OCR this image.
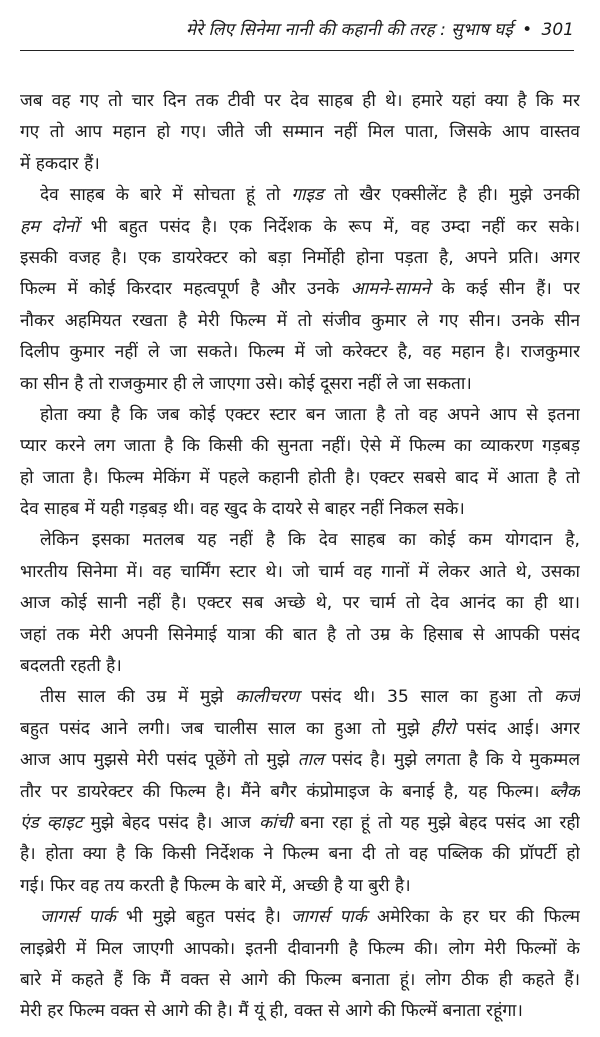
मेरे लिए सिनेमा नानी की कहानी की तरह : सुभाष घई • 301
जब वह गए तो चार दिन तक टीवी पर देव साहब ही थे। हमारे यहां क्या है कि मर
गए तो आप महान हो गए। जीते जी सम्मान नहीं मिल पाता, जिसके आप वास्तव
में हकदार हैं।
देव साहब के बारे में सोचता हूं तो गाइड तो खैर एक्सीलेंट है ही। मुझे उनकी
हम दोनों भी बहुत पसंद है। एक निर्देशक के रूप में, वह उम्दा नहीं कर सके।
इसकी वजह है। एक डायरेक्टर को बड़ा निर्मोही होना पड़ता है, अपने प्रति। अगर
फिल्म में कोई किरदार महत्वपूर्ण है और उनके आमने-सामने के कई सीन हैं। पर
नौकर अहमियत रखता है मेरी फिल्म में तो संजीव कुमार ले गए सीन। उनके सीन
दिलीप कुमार नहीं ले जा सकते। फिल्म में जो करेक्टर है, वह महान है। राजकुमार
का सीन है तो राजकुमार ही ले जाएगा उसे। कोई दूसरा नहीं ले जा सकता।
होता क्या है कि जब कोई एक्टर स्टार बन जाता है तो वह अपने आप से इतना
प्यार करने लग जाता है कि किसी की सुनता नहीं। ऐसे में फिल्म का व्याकरण गड़बड़
हो जाता है। फिल्म मेकिंग में पहले कहानी होती है। एक्टर सबसे बाद में आता है तो
देव साहब में यही गड़बड़ थी। वह खुद के दायरे से बाहर नहीं निकल सके।
लेकिन इसका मतलब यह नहीं है कि देव साहब का कोई कम योगदान है,
भारतीय सिनेमा में। वह चार्मिंग स्टार थे। जो चार्म वह गानों में लेकर आते थे, उसका
आज कोई सानी नहीं है। एक्टर सब अच्छे थे, पर चार्म तो देव आनंद का ही था।
जहां तक मेरी अपनी सिनेमाई यात्रा की बात है तो उम्र के हिसाब से आपकी पसंद
बदलती रहती है।
तीस साल की उम्र में मुझे कालीचरण पसंद थी। 35 साल का हुआ तो कर्ज
बहुत पसंद आने लगी। जब चालीस साल का हुआ तो मुझे हीरो पसंद आई। अगर
आज आप मुझसे मेरी पसंद पूछेंगे तो मुझे ताल पसंद है। मुझे लगता है कि ये मुकम्मल
तौर पर डायरेक्टर की फिल्म है। मैंने बगैर कंप्रोमाइज के बनाई है, यह फिल्म। ब्लैक
एंड व्हाइट मुझे बेहद पसंद है। आज कांची बना रहा हूं तो यह मुझे बेहद पसंद आ रही
है। होता क्या है कि किसी निर्देशक ने फिल्म बना दी तो वह पब्लिक की प्रॉपर्टी हो
गई। फिर वह तय करती है फिल्म के बारे में, अच्छी है या बुरी है।
जागर्स पार्क भी मुझे बहुत पसंद है। जागर्स पार्क अमेरिका के हर घर की फिल्म
लाइब्रेरी में मिल जाएगी आपको। इतनी दीवानगी है फिल्म की। लोग मेरी फिल्मों के
बारे में कहते हैं कि मैं वक्त से आगे की फिल्म बनाता हूं। लोग ठीक ही कहते हैं।
मेरी हर फिल्म वक्त से आगे की है। मैं यूं ही, वक्त से आगे की फिल्में बनाता रहूंगा।
